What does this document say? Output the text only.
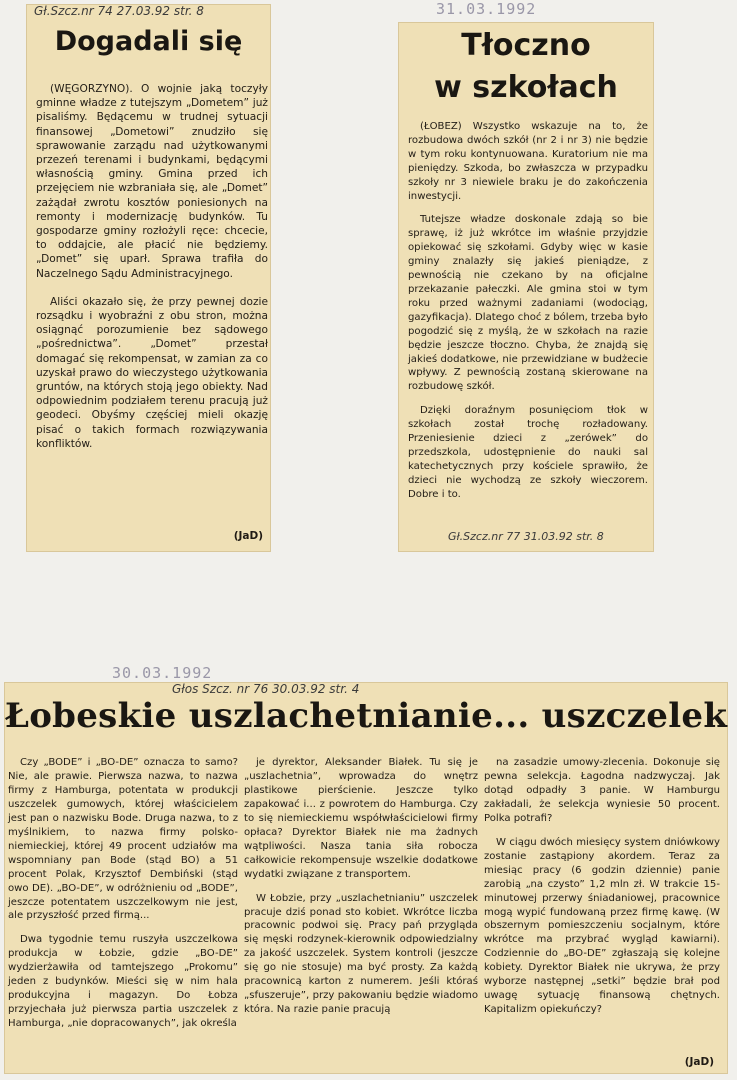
Gł.Szcz.nr 74 27.03.92 str. 8
Dogadali się

(WĘGORZYNO). O wojnie jaką toczyły gminne władze z tutejszym „Dometem” już pisaliśmy. Będącemu w trudnej sytuacji finansowej „Dometowi” znudziło się sprawowanie zarządu nad użytkowanymi przezeń terenami i budynkami, będącymi własnością gminy. Gmina przed ich przejęciem nie wzbraniała się, ale „Domet” zażądał zwrotu kosztów poniesionych na remonty i modernizację budynków. Tu gospodarze gminy rozłożyli ręce: chcecie, to oddajcie, ale płacić nie będziemy. „Domet” się uparł. Sprawa trafiła do Naczelnego Sądu Administracyjnego.

Aliści okazało się, że przy pewnej dozie rozsądku i wyobraźni z obu stron, można osiągnąć porozumienie bez sądowego „pośrednictwa”. „Domet” przestał domagać się rekompensat, w zamian za co uzyskał prawo do wieczystego użytkowania gruntów, na których stoją jego obiekty. Nad odpowiednim podziałem terenu pracują już geodeci. Obyśmy częściej mieli okazję pisać o takich formach rozwiązywania konfliktów.

(JaD)
31.03.1992
Tłoczno
w szkołach

(ŁOBEZ) Wszystko wskazuje na to, że rozbudowa dwóch szkół (nr 2 i nr 3) nie będzie w tym roku kontynuowana. Kuratorium nie ma pieniędzy. Szkoda, bo zwłaszcza w przypadku szkoły nr 3 niewiele braku je do zakończenia inwestycji.

Tutejsze władze doskonale zdają so bie sprawę, iż już wkrótce im właśnie przyjdzie opiekować się szkołami. Gdyby więc w kasie gminy znalazły się jakieś pieniądze, z pewnością nie czekano by na oficjalne przekazanie pałeczki. Ale gmina stoi w tym roku przed ważnymi zadaniami (wodociąg, gazyfikacja). Dlatego choć z bólem, trzeba było pogodzić się z myślą, że w szkołach na razie będzie jeszcze tłoczno. Chyba, że znajdą się jakieś dodatkowe, nie przewidziane w budżecie wpływy. Z pewnością zostaną skierowane na rozbudowę szkół.

Dzięki doraźnym posunięciom tłok w szkołach został trochę rozładowany. Przeniesienie dzieci z „zerówek” do przedszkola, udostępnienie do nauki sal katechetycznych przy kościele sprawiło, że dzieci nie wychodzą ze szkoły wieczorem. Dobre i to.

Gł.Szcz.nr 77 31.03.92 str. 8
30.03.1992
Głos Szcz. nr 76 30.03.92 str. 4
Łobeskie uszlachetnianie... uszczelek

Czy „BODE” i „BO-DE” oznacza to samo? Nie, ale prawie. Pierwsza nazwa, to nazwa firmy z Hamburga, potentata w produkcji uszczelek gumowych, której właścicielem jest pan o nazwisku Bode. Druga nazwa, to z myślnikiem, to nazwa firmy polsko-niemieckiej, której 49 procent udziałów ma wspomniany pan Bode (stąd BO) a 51 procent Polak, Krzysztof Dembiński (stąd owo DE). „BO-DE”, w odróżnieniu od „BODE”, jeszcze potentatem uszczelkowym nie jest, ale przyszłość przed firmą...

Dwa tygodnie temu ruszyła uszczelkowa produkcja w Łobzie, gdzie „BO-DE” wydzierżawiła od tamtejszego „Prokomu” jeden z budynków. Mieści się w nim hala produkcyjna i magazyn. Do Łobza przyjechała już pierwsza partia uszczelek z Hamburga, „nie dopracowanych”, jak określa

je dyrektor, Aleksander Białek. Tu się je „uszlachetnia”, wprowadza do wnętrz plastikowe pierścienie. Jeszcze tylko zapakować i... z powrotem do Hamburga. Czy to się niemieckiemu współwłaścicielowi firmy opłaca? Dyrektor Białek nie ma żadnych wątpliwości. Nasza tania siła robocza całkowicie rekompensuje wszelkie dodatkowe wydatki związane z transportem.

W Łobzie, przy „uszlachetnianiu” uszczelek pracuje dziś ponad sto kobiet. Wkrótce liczba pracownic podwoi się. Pracy pań przygląda się męski rodzynek-kierownik odpowiedzialny za jakość uszczelek. System kontroli (jeszcze się go nie stosuje) ma być prosty. Za każdą pracownicą karton z numerem. Jeśli któraś „sfuszeruje”, przy pakowaniu będzie wiadomo która. Na razie panie pracują

na zasadzie umowy-zlecenia. Dokonuje się pewna selekcja. Łagodna nadzwyczaj. Jak dotąd odpadły 3 panie. W Hamburgu zakładali, że selekcja wyniesie 50 procent. Polka potrafi?

W ciągu dwóch miesięcy system dniówkowy zostanie zastąpiony akordem. Teraz za miesiąc pracy (6 godzin dziennie) panie zarobią „na czysto” 1,2 mln zł. W trakcie 15-minutowej przerwy śniadaniowej, pracownice mogą wypić fundowaną przez firmę kawę. (W obszernym pomieszczeniu socjalnym, które wkrótce ma przybrać wygląd kawiarni). Codziennie do „BO-DE” zgłaszają się kolejne kobiety. Dyrektor Białek nie ukrywa, że przy wyborze następnej „setki” będzie brał pod uwagę sytuację finansową chętnych. Kapitalizm opiekuńczy?

(JaD)
